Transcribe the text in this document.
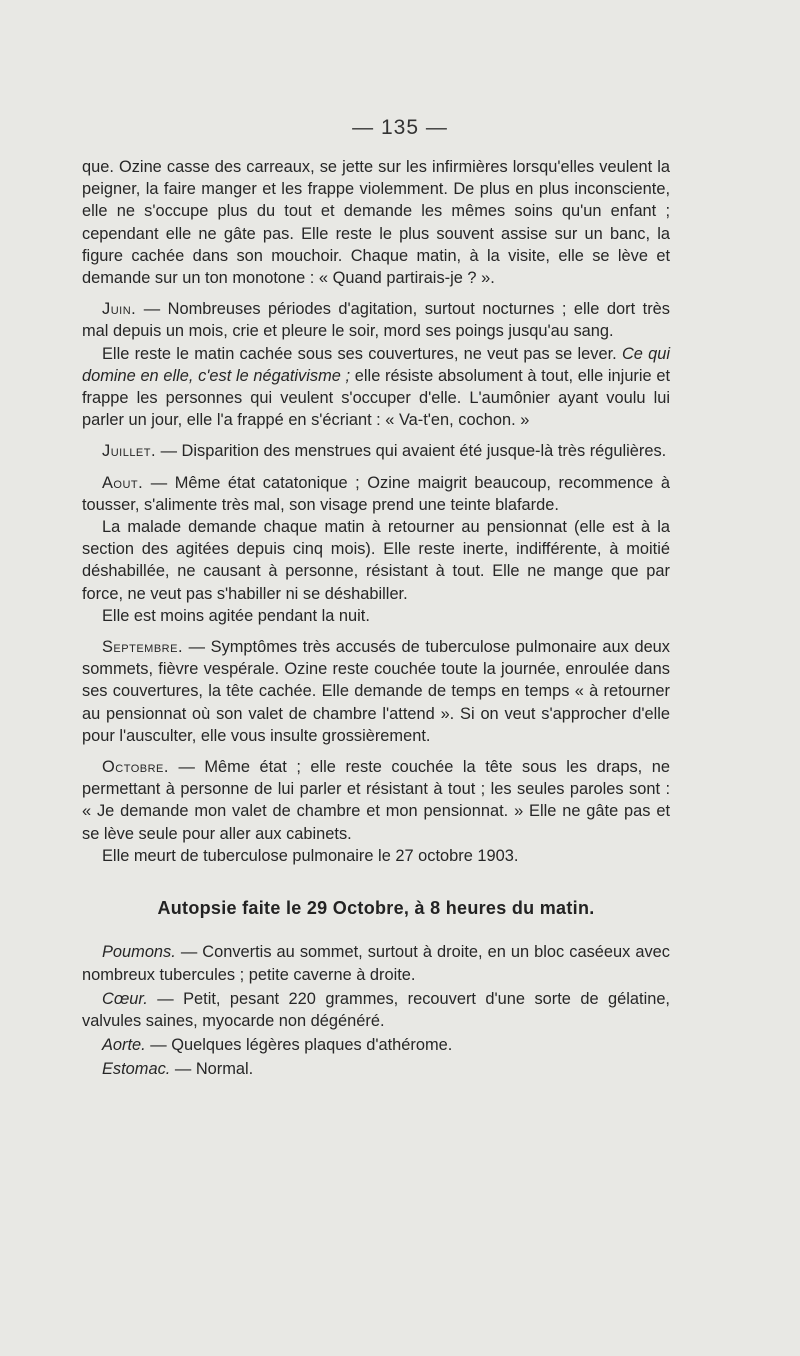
— 135 —

que. Ozine casse des carreaux, se jette sur les infirmières lorsqu'elles veulent la peigner, la faire manger et les frappe violemment. De plus en plus inconsciente, elle ne s'occupe plus du tout et demande les mêmes soins qu'un enfant ; cependant elle ne gâte pas. Elle reste le plus souvent assise sur un banc, la figure cachée dans son mouchoir. Chaque matin, à la visite, elle se lève et demande sur un ton monotone : « Quand partirais-je ? ».

Juin. — Nombreuses périodes d'agitation, surtout nocturnes ; elle dort très mal depuis un mois, crie et pleure le soir, mord ses poings jusqu'au sang.

Elle reste le matin cachée sous ses couvertures, ne veut pas se lever. Ce qui domine en elle, c'est le négativisme ; elle résiste absolument à tout, elle injurie et frappe les personnes qui veulent s'occuper d'elle. L'aumônier ayant voulu lui parler un jour, elle l'a frappé en s'écriant : « Va-t'en, cochon. »

Juillet. — Disparition des menstrues qui avaient été jusque-là très régulières.

Aout. — Même état catatonique ; Ozine maigrit beaucoup, recommence à tousser, s'alimente très mal, son visage prend une teinte blafarde.

La malade demande chaque matin à retourner au pensionnat (elle est à la section des agitées depuis cinq mois). Elle reste inerte, indifférente, à moitié déshabillée, ne causant à personne, résistant à tout. Elle ne mange que par force, ne veut pas s'habiller ni se déshabiller.

Elle est moins agitée pendant la nuit.

Septembre. — Symptômes très accusés de tuberculose pulmonaire aux deux sommets, fièvre vespérale. Ozine reste couchée toute la journée, enroulée dans ses couvertures, la tête cachée. Elle demande de temps en temps « à retourner au pensionnat où son valet de chambre l'attend ». Si on veut s'approcher d'elle pour l'ausculter, elle vous insulte grossièrement.

Octobre. — Même état ; elle reste couchée la tête sous les draps, ne permettant à personne de lui parler et résistant à tout ; les seules paroles sont : « Je demande mon valet de chambre et mon pensionnat. » Elle ne gâte pas et se lève seule pour aller aux cabinets.

Elle meurt de tuberculose pulmonaire le 27 octobre 1903.

Autopsie faite le 29 Octobre, à 8 heures du matin.

Poumons. — Convertis au sommet, surtout à droite, en un bloc caséeux avec nombreux tubercules ; petite caverne à droite.

Cœur. — Petit, pesant 220 grammes, recouvert d'une sorte de gélatine, valvules saines, myocarde non dégénéré.

Aorte. — Quelques légères plaques d'athérome.

Estomac. — Normal.
